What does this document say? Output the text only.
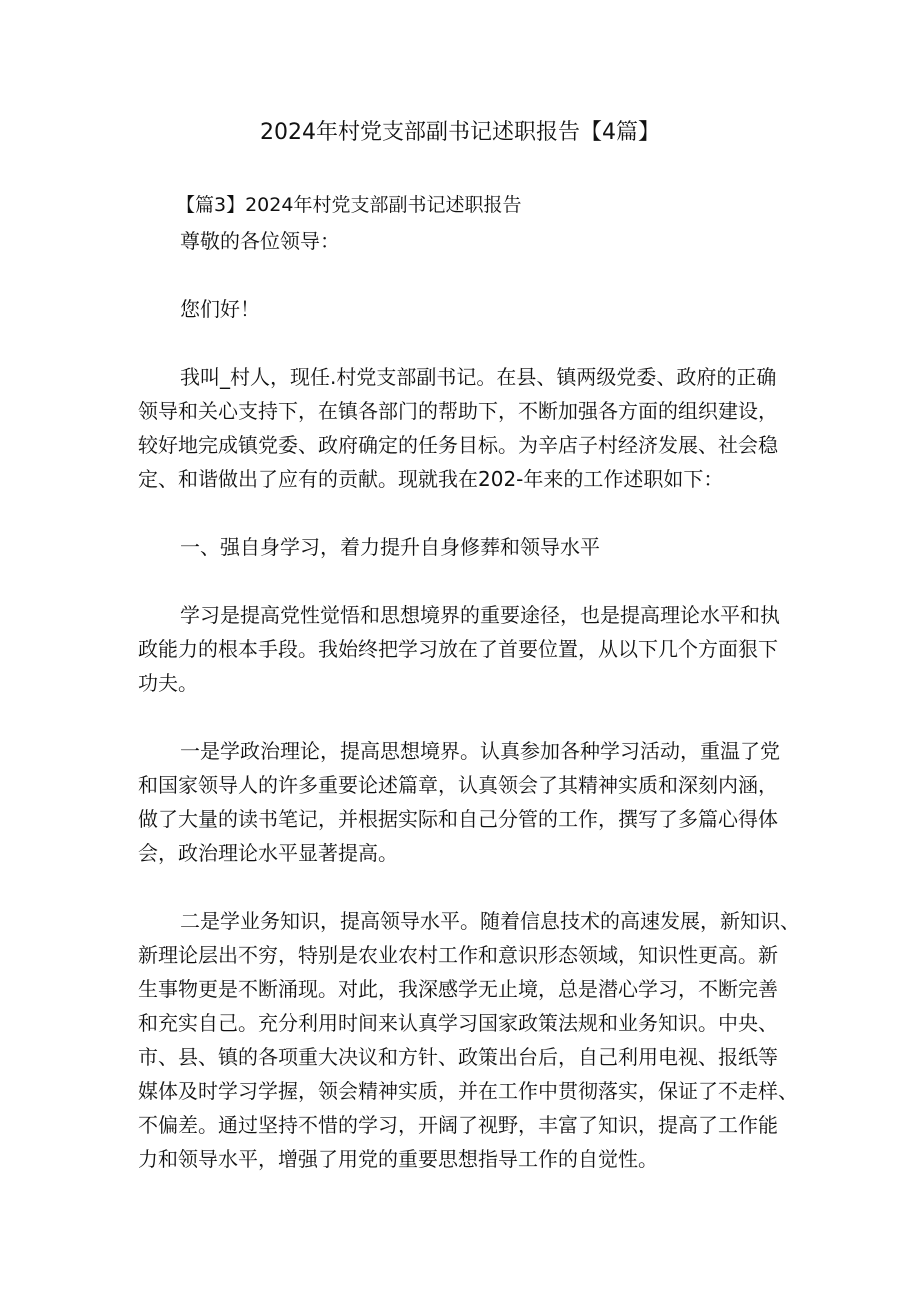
2024年村党支部副书记述职报告【4篇】
【篇3】2024年村党支部副书记述职报告
尊敬的各位领导：
您们好！
我叫_村人，现任.村党支部副书记。在县、镇两级党委、政府的正确
领导和关心支持下，在镇各部门的帮助下，不断加强各方面的组织建设，
较好地完成镇党委、政府确定的任务目标。为辛店子村经济发展、社会稳
定、和谐做出了应有的贡献。现就我在202-年来的工作述职如下：
一、强自身学习，着力提升自身修葬和领导水平
学习是提高党性觉悟和思想境界的重要途径，也是提高理论水平和执
政能力的根本手段。我始终把学习放在了首要位置，从以下几个方面狠下
功夫。
一是学政治理论，提高思想境界。认真参加各种学习活动，重温了党
和国家领导人的许多重要论述篇章，认真领会了其精神实质和深刻内涵，
做了大量的读书笔记，并根据实际和自己分管的工作，撰写了多篇心得体
会，政治理论水平显著提高。
二是学业务知识，提高领导水平。随着信息技术的高速发展，新知识、
新理论层出不穷，特别是农业农村工作和意识形态领域，知识性更高。新
生事物更是不断涌现。对此，我深感学无止境，总是潜心学习，不断完善
和充实自己。充分利用时间来认真学习国家政策法规和业务知识。中央、
市、县、镇的各项重大决议和方针、政策出台后，自己利用电视、报纸等
媒体及时学习学握，领会精神实质，并在工作中贯彻落实，保证了不走样、
不偏差。通过坚持不惜的学习，开阔了视野，丰富了知识，提高了工作能
力和领导水平，增强了用党的重要思想指导工作的自觉性。
